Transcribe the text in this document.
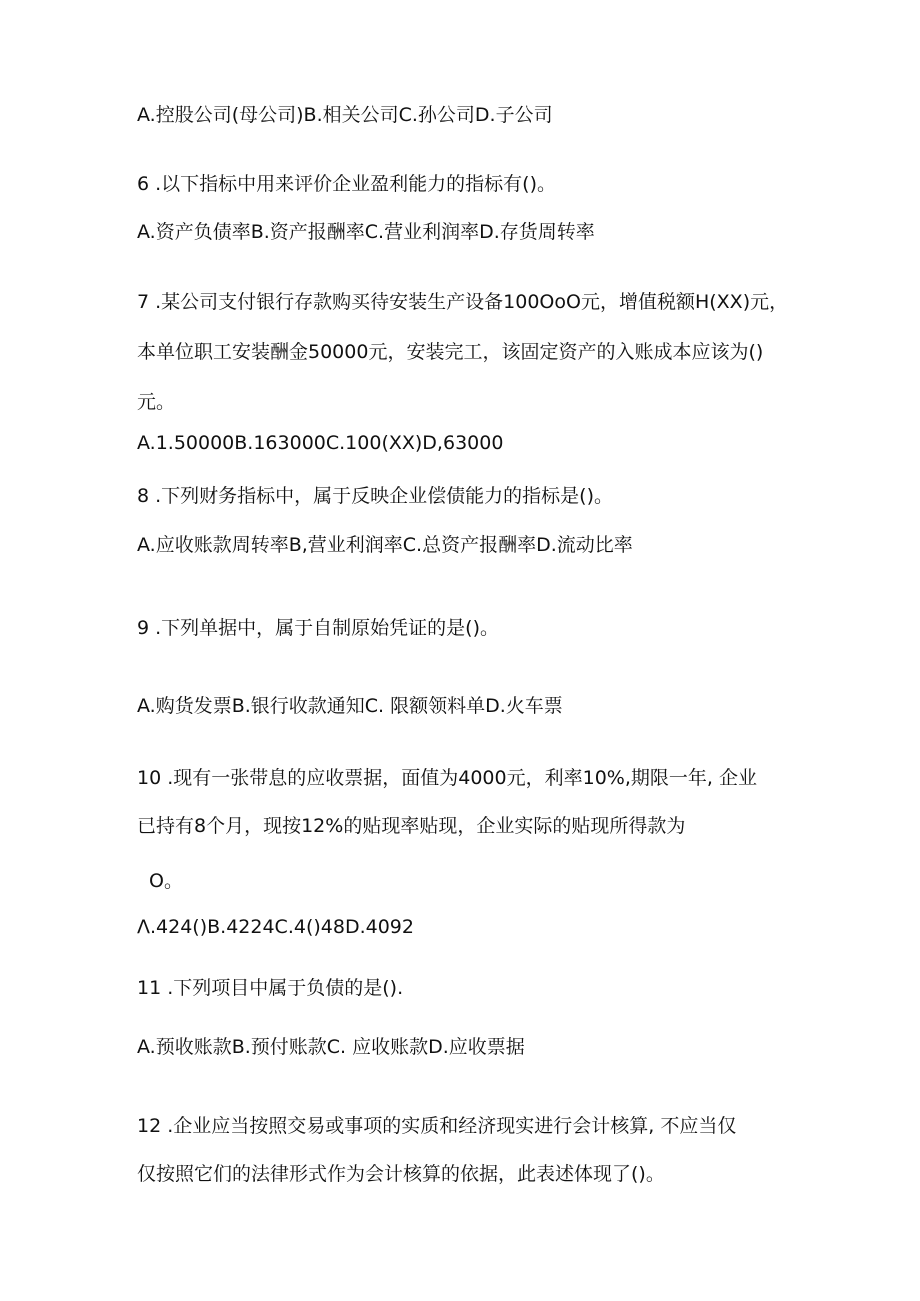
A.控股公司(母公司)B.相关公司C.孙公司D.子公司
6 .以下指标中用来评价企业盈利能力的指标有()。
A.资产负债率B.资产报酬率C.营业利润率D.存货周转率
7 .某公司支付银行存款购买待安装生产设备100OoO元，增值税额H(XX)元，
本单位职工安装酬金50000元，安装完工，该固定资产的入账成本应该为()
元。
A.1.50000B.163000C.100(XX)D,63000
8 .下列财务指标中，属于反映企业偿债能力的指标是()。
A.应收账款周转率B,营业利润率C.总资产报酬率D.流动比率
9 .下列单据中，属于自制原始凭证的是()。
A.购货发票B.银行收款通知C. 限额领料单D.火车票
10 .现有一张带息的应收票据，面值为4000元，利率10%,期限一年, 企业
已持有8个月，现按12%的贴现率贴现，企业实际的贴现所得款为
O。
Λ.424()B.4224C.4()48D.4092
11 .下列项目中属于负债的是().
A.预收账款B.预付账款C. 应收账款D.应收票据
12 .企业应当按照交易或事项的实质和经济现实进行会计核算, 不应当仅
仅按照它们的法律形式作为会计核算的依据，此表述体现了()。
